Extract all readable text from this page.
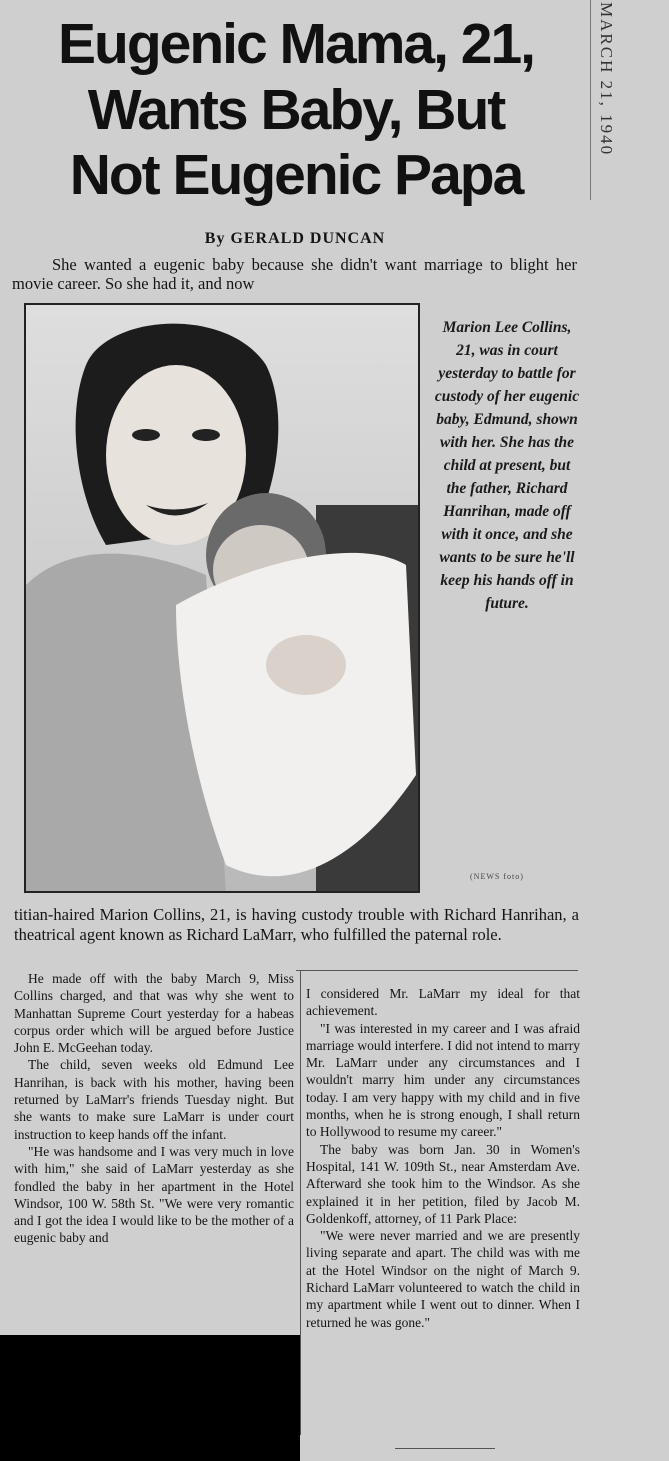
Eugenic Mama, 21,
Wants Baby, But
Not Eugenic Papa
MARCH 21, 1940
By GERALD DUNCAN

She wanted a eugenic baby because she didn't want marriage to blight her movie career. So she had it, and now

Marion Lee Collins, 21, was in court yesterday to battle for custody of her eugenic baby, Edmund, shown with her. She has the child at present, but the father, Richard Hanrihan, made off with it once, and she wants to be sure he'll keep his hands off in future.
(NEWS foto)

titian-haired Marion Collins, 21, is having custody trouble with Richard Hanrihan, a theatrical agent known as Richard LaMarr, who fulfilled the paternal role.

He made off with the baby March 9, Miss Collins charged, and that was why she went to Manhattan Supreme Court yesterday for a habeas corpus order which will be argued before Justice John E. McGeehan today.

The child, seven weeks old Edmund Lee Hanrihan, is back with his mother, having been returned by LaMarr's friends Tuesday night. But she wants to make sure LaMarr is under court instruction to keep hands off the infant.

"He was handsome and I was very much in love with him," she said of LaMarr yesterday as she fondled the baby in her apartment in the Hotel Windsor, 100 W. 58th St. "We were very romantic and I got the idea I would like to be the mother of a eugenic baby and

I considered Mr. LaMarr my ideal for that achievement.

"I was interested in my career and I was afraid marriage would interfere. I did not intend to marry Mr. LaMarr under any circumstances and I wouldn't marry him under any circumstances today. I am very happy with my child and in five months, when he is strong enough, I shall return to Hollywood to resume my career."

The baby was born Jan. 30 in Women's Hospital, 141 W. 109th St., near Amsterdam Ave. Afterward she took him to the Windsor. As she explained it in her petition, filed by Jacob M. Goldenkoff, attorney, of 11 Park Place:

"We were never married and we are presently living separate and apart. The child was with me at the Hotel Windsor on the night of March 9. Richard LaMarr volunteered to watch the child in my apartment while I went out to dinner. When I returned he was gone."
